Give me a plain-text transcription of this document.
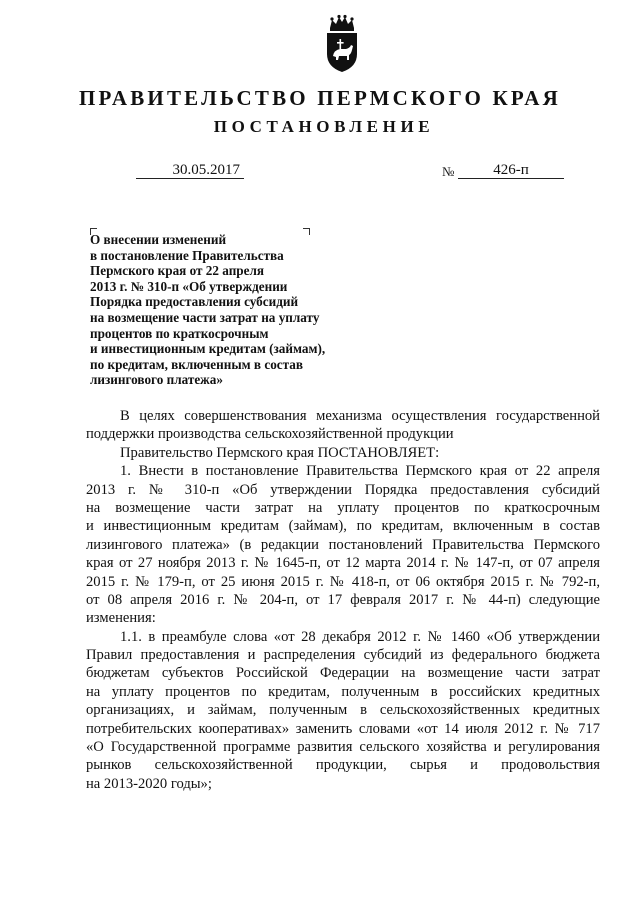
ПРАВИТЕЛЬСТВО ПЕРМСКОГО КРАЯ
ПОСТАНОВЛЕНИЕ
30.05.2017	№	426-п
О внесении изменений
в постановление Правительства
Пермского края от 22 апреля
2013 г. № 310-п «Об утверждении
Порядка предоставления субсидий
на возмещение части затрат на уплату
процентов по краткосрочным
и инвестиционным кредитам (займам),
по кредитам, включенным в состав
лизингового платежа»
В целях совершенствования механизма осуществления государственной
поддержки производства сельскохозяйственной продукции
Правительство Пермского края ПОСТАНОВЛЯЕТ:
1. Внести в постановление Правительства Пермского края от 22 апреля
2013 г. № 310-п «Об утверждении Порядка предоставления субсидий
на возмещение части затрат на уплату процентов по краткосрочным
и инвестиционным кредитам (займам), по кредитам, включенным в состав
лизингового платежа» (в редакции постановлений Правительства Пермского
края от 27 ноября 2013 г. № 1645-п, от 12 марта 2014 г. № 147-п, от 07 апреля
2015 г. № 179-п, от 25 июня 2015 г. № 418-п, от 06 октября 2015 г. № 792-п,
от 08 апреля 2016 г. № 204-п, от 17 февраля 2017 г. № 44-п) следующие
изменения:
1.1. в преамбуле слова «от 28 декабря 2012 г. № 1460 «Об утверждении
Правил предоставления и распределения субсидий из федерального бюджета
бюджетам субъектов Российской Федерации на возмещение части затрат
на уплату процентов по кредитам, полученным в российских кредитных
организациях, и займам, полученным в сельскохозяйственных кредитных
потребительских кооперативах» заменить словами «от 14 июля 2012 г. № 717
«О Государственной программе развития сельского хозяйства и регулирования
рынков сельскохозяйственной продукции, сырья и продовольствия
на 2013-2020 годы»;
